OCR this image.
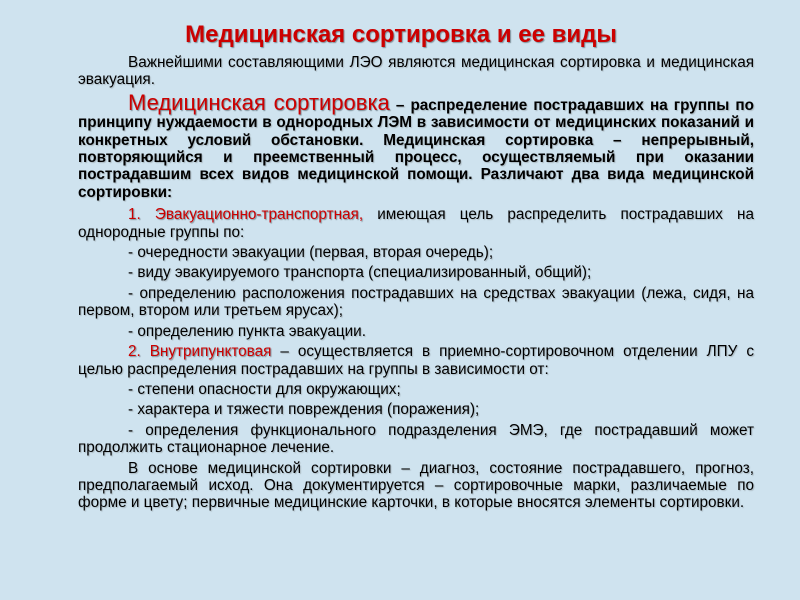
Медицинская сортировка и ее виды

Важнейшими составляющими ЛЭО являются медицинская сортировка и медицинская эвакуация.

Медицинская сортировка – распределение пострадавших на группы по принципу нуждаемости в однородных ЛЭМ в зависимости от медицинских показаний и конкретных условий обстановки. Медицинская сортировка – непрерывный, повторяющийся и преемственный процесс, осуществляемый при оказании пострадавшим всех видов медицинской помощи. Различают два вида медицинской сортировки:

1. Эвакуационно-транспортная, имеющая цель распределить пострадавших на однородные группы по:

- очередности эвакуации (первая, вторая очередь);

- виду эвакуируемого транспорта (специализированный, общий);

- определению расположения пострадавших на средствах эвакуации (лежа, сидя, на первом, втором или третьем ярусах);

- определению пункта эвакуации.

2. Внутрипунктовая – осуществляется в приемно-сортировочном отделении ЛПУ с целью распределения пострадавших на группы в зависимости от:

- степени опасности для окружающих;

- характера и тяжести повреждения (поражения);

- определения функционального подразделения ЭМЭ, где пострадавший может продолжить стационарное лечение.

В основе медицинской сортировки – диагноз, состояние пострадавшего, прогноз, предполагаемый исход. Она документируется – сортировочные марки, различаемые по форме и цвету; первичные медицинские карточки, в которые вносятся элементы сортировки.
